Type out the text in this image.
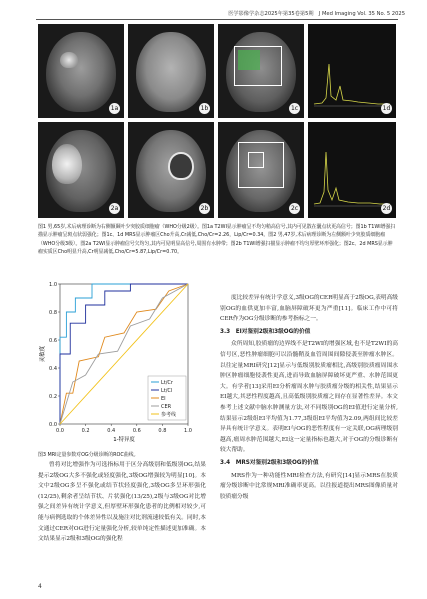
医学影像学杂志2025年第35卷第5期　J Med Imaging Vol. 35 No. 5 2025
1a	1b	1c	1d
2a	2b	2c	2d
图1 男,65岁,术后病理诊断为右侧额颞叶少突胶质细胞瘤（WHO分级2级）。图1a T2WI显示肿瘤呈不均匀稍高信号,其内可见散在囊点状更高信号；图1b T1WI增强扫描显示肿瘤呈斑点状弱强化；图1c、1d MRS显示肿瘤区Cho升高,Cr减低,Cho/Cr=2.26，Lip/Cr=0.34。图2 男,47岁,术后病理诊断为左侧额叶少突胶质细胞瘤（WHO分级3级）。图2a T2WI显示肿瘤信号欠均匀,其内可见明显高信号,周围有水肿带；图2b T1WI增强扫描显示肿瘤不均匀厚壁环形强化；图2c、2d MRS显示肿瘤实质区Cho明显升高,Cr明显减低,Cho/Cr=5.87,Lip/Cr=0.70。
0.0	0.2	0.4	0.6	0.8	1.0
0.0
0.2
0.4
0.6
0.8
1.0
Lt/Cr
Lt/Cl
EI
CER
参考线
1-特异度
灵敏度
图3 MRI定量参数对OG分级诊断的ROC曲线。

曾将对比增强作为可选指标用于区分高级别和低级别OG,结果提示2级OG大多不强化或轻度强化,3级OG增强较为明显[10]。本文中2级OG多呈不强化或结节状轻度强化,3级OG多呈环形强化(12/25),剩余者呈结节状、片状强化(13/25),2级与3级OG对比增强之间差异有统计学意义,但厚壁环形强化患者的比例相对较少,可能与病例选取的个体差异性以及施注对比剂流速较低有关。同时,本文通过CER对OG进行定量强化分析,较单纯定性描述更加准确。本文结果显示2级和3级OG的强化程

度比较差异有统计学意义,3级OG的CER明显高于2级OG,表明高级别OG的血供更加丰富,血脑屏障破坏更为严重[11]。临床工作中可将CER作为OG分级诊断的参考指标之一。

3.3　EI对鉴别2级和3级OG的价值

众所周知,胶质瘤的边界线不是T2WI的增强区域,也不是T2WI的高信号区,恶性肿瘤细胞可以沿髓鞘及血管周围间隙侵袭至肿瘤水肿区。以往定量MRI研究[12]显示与低级别胶质瘤相比,高级别胶质瘤周围水肿区肿瘤细胞侵袭性更高,进而导致血脑屏障破坏更严重、水肿范围更大。有学者[13]采用EI分析瘤周水肿与胶质瘤分级的相关性,结果显示EI越大,其恶性程度越高,且高低级别胶质瘤之间存在显著性差异。本文参考上述文献中脑水肿测量方法,对不同级别OG的EI值进行定量分析,结果显示2级组EI平均值为1.77,3级组EI平均值为2.09,两组间比较差异具有统计学意义。表明EI与OG的恶性程度有一定关联,OG病理级别越高,瘤周水肿范围越大,EI这一定量指标也越大,对于OG的分级诊断有较大帮助。

3.4　MRS对鉴别2级和3级OG的价值

MRS作为一种功能性MRI检查方法,有研究[14]显示MRS在胶质瘤分级诊断中比常规MRI准确率更高。以往报道提出MRS图像质量对胶质瘤分级

4
